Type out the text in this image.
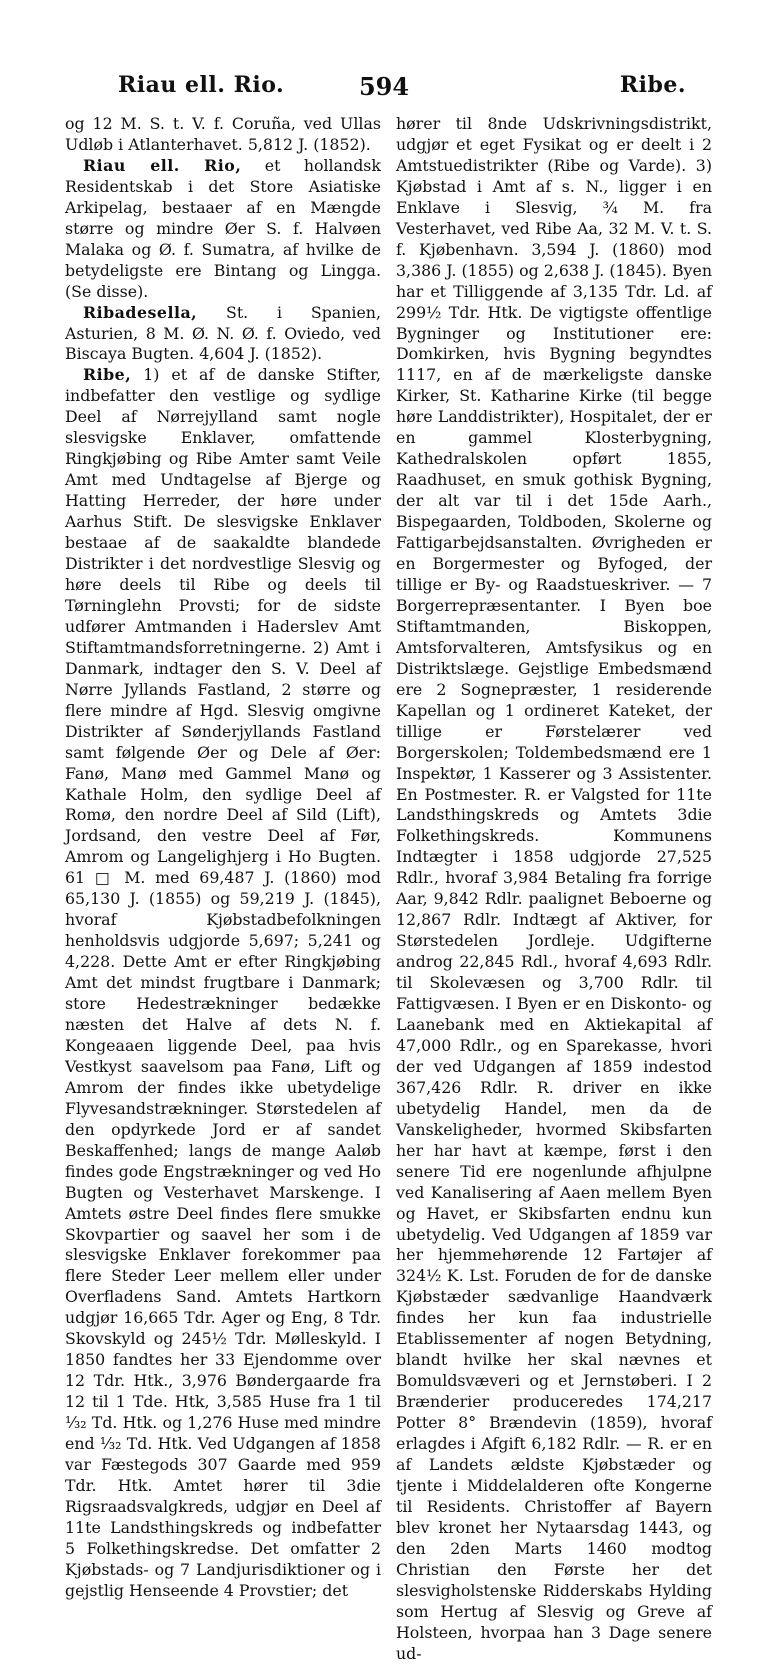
Riau ell. Rio.	594	Ribe.

og 12 M. S. t. V. f. Coruña, ved Ullas Udløb i Atlanterhavet. 5,812 J. (1852).

Riau ell. Rio, et hollandsk Residentskab i det Store Asiatiske Arkipelag, bestaaer af en Mængde større og mindre Øer S. f. Halvøen Malaka og Ø. f. Sumatra, af hvilke de betydeligste ere Bintang og Lingga. (Se disse).

Ribadesella, St. i Spanien, Asturien, 8 M. Ø. N. Ø. f. Oviedo, ved Biscaya Bugten. 4,604 J. (1852).

Ribe, 1) et af de danske Stifter, indbefatter den vestlige og sydlige Deel af Nørrejylland samt nogle slesvigske Enklaver, omfattende Ringkjøbing og Ribe Amter samt Veile Amt med Undtagelse af Bjerge og Hatting Herreder, der høre under Aarhus Stift. De slesvigske Enklaver bestaae af de saakaldte blandede Distrikter i det nordvestlige Slesvig og høre deels til Ribe og deels til Tørninglehn Provsti; for de sidste udfører Amtmanden i Haderslev Amt Stiftamtmandsforretningerne. 2) Amt i Danmark, indtager den S. V. Deel af Nørre Jyllands Fastland, 2 større og flere mindre af Hgd. Slesvig omgivne Distrikter af Sønderjyllands Fastland samt følgende Øer og Dele af Øer: Fanø, Manø med Gammel Manø og Kathale Holm, den sydlige Deel af Romø, den nordre Deel af Sild (Lift), Jordsand, den vestre Deel af Før, Amrom og Langelighjerg i Ho Bugten. 61 □ M. med 69,487 J. (1860) mod 65,130 J. (1855) og 59,219 J. (1845), hvoraf Kjøbstadbefolkningen henholdsvis udgjorde 5,697; 5,241 og 4,228. Dette Amt er efter Ringkjøbing Amt det mindst frugtbare i Danmark; store Hedestrækninger bedække næsten det Halve af dets N. f. Kongeaaen liggende Deel, paa hvis Vestkyst saavelsom paa Fanø, Lift og Amrom der findes ikke ubetydelige Flyvesandstrækninger. Størstedelen af den opdyrkede Jord er af sandet Beskaffenhed; langs de mange Aaløb findes gode Engstrækninger og ved Ho Bugten og Vesterhavet Marskenge. I Amtets østre Deel findes flere smukke Skovpartier og saavel her som i de slesvigske Enklaver forekommer paa flere Steder Leer mellem eller under Overfladens Sand. Amtets Hartkorn udgjør 16,665 Tdr. Ager og Eng, 8 Tdr. Skovskyld og 245½ Tdr. Mølleskyld. I 1850 fandtes her 33 Ejendomme over 12 Tdr. Htk., 3,976 Bøndergaarde fra 12 til 1 Tde. Htk, 3,585 Huse fra 1 til ¹⁄₃₂ Td. Htk. og 1,276 Huse med mindre end ¹⁄₃₂ Td. Htk. Ved Udgangen af 1858 var Fæstegods 307 Gaarde med 959 Tdr. Htk. Amtet hører til 3die Rigsraadsvalgkreds, udgjør en Deel af 11te Landsthingskreds og indbefatter 5 Folkethingskredse. Det omfatter 2 Kjøbstads- og 7 Landjurisdiktioner og i gejstlig Henseende 4 Provstier; det

hører til 8nde Udskrivningsdistrikt, udgjør et eget Fysikat og er deelt i 2 Amtstuedistrikter (Ribe og Varde). 3) Kjøbstad i Amt af s. N., ligger i en Enklave i Slesvig, ¾ M. fra Vesterhavet, ved Ribe Aa, 32 M. V. t. S. f. Kjøbenhavn. 3,594 J. (1860) mod 3,386 J. (1855) og 2,638 J. (1845). Byen har et Tilliggende af 3,135 Tdr. Ld. af 299½ Tdr. Htk. De vigtigste offentlige Bygninger og Institutioner ere: Domkirken, hvis Bygning begyndtes 1117, en af de mærkeligste danske Kirker, St. Katharine Kirke (til begge høre Landdistrikter), Hospitalet, der er en gammel Klosterbygning, Kathedralskolen opført 1855, Raadhuset, en smuk gothisk Bygning, der alt var til i det 15de Aarh., Bispegaarden, Toldboden, Skolerne og Fattigarbejdsanstalten. Øvrigheden er en Borgermester og Byfoged, der tillige er By- og Raadstueskriver. — 7 Borgerrepræsentanter. I Byen boe Stiftamtmanden, Biskoppen, Amtsforvalteren, Amtsfysikus og en Distriktslæge. Gejstlige Embedsmænd ere 2 Sognepræster, 1 residerende Kapellan og 1 ordineret Kateket, der tillige er Førstelærer ved Borgerskolen; Toldembedsmænd ere 1 Inspektør, 1 Kasserer og 3 Assistenter. En Postmester. R. er Valgsted for 11te Landsthingskreds og Amtets 3die Folkethingskreds. Kommunens Indtægter i 1858 udgjorde 27,525 Rdlr., hvoraf 3,984 Betaling fra forrige Aar, 9,842 Rdlr. paalignet Beboerne og 12,867 Rdlr. Indtægt af Aktiver, for Størstedelen Jordleje. Udgifterne androg 22,845 Rdl., hvoraf 4,693 Rdlr. til Skolevæsen og 3,700 Rdlr. til Fattigvæsen. I Byen er en Diskonto- og Laanebank med en Aktiekapital af 47,000 Rdlr., og en Sparekasse, hvori der ved Udgangen af 1859 indestod 367,426 Rdlr. R. driver en ikke ubetydelig Handel, men da de Vanskeligheder, hvormed Skibsfarten her har havt at kæmpe, først i den senere Tid ere nogenlunde afhjulpne ved Kanalisering af Aaen mellem Byen og Havet, er Skibsfarten endnu kun ubetydelig. Ved Udgangen af 1859 var her hjemmehørende 12 Fartøjer af 324½ K. Lst. Foruden de for de danske Kjøbstæder sædvanlige Haandværk findes her kun faa industrielle Etablissementer af nogen Betydning, blandt hvilke her skal nævnes et Bomuldsvæveri og et Jernstøberi. I 2 Brænderier produceredes 174,217 Potter 8° Brændevin (1859), hvoraf erlagdes i Afgift 6,182 Rdlr. — R. er en af Landets ældste Kjøbstæder og tjente i Middelalderen ofte Kongerne til Residents. Christoffer af Bayern blev kronet her Nytaarsdag 1443, og den 2den Marts 1460 modtog Christian den Første her det slesvigholstenske Ridderskabs Hylding som Hertug af Slesvig og Greve af Holsteen, hvorpaa han 3 Dage senere ud-
